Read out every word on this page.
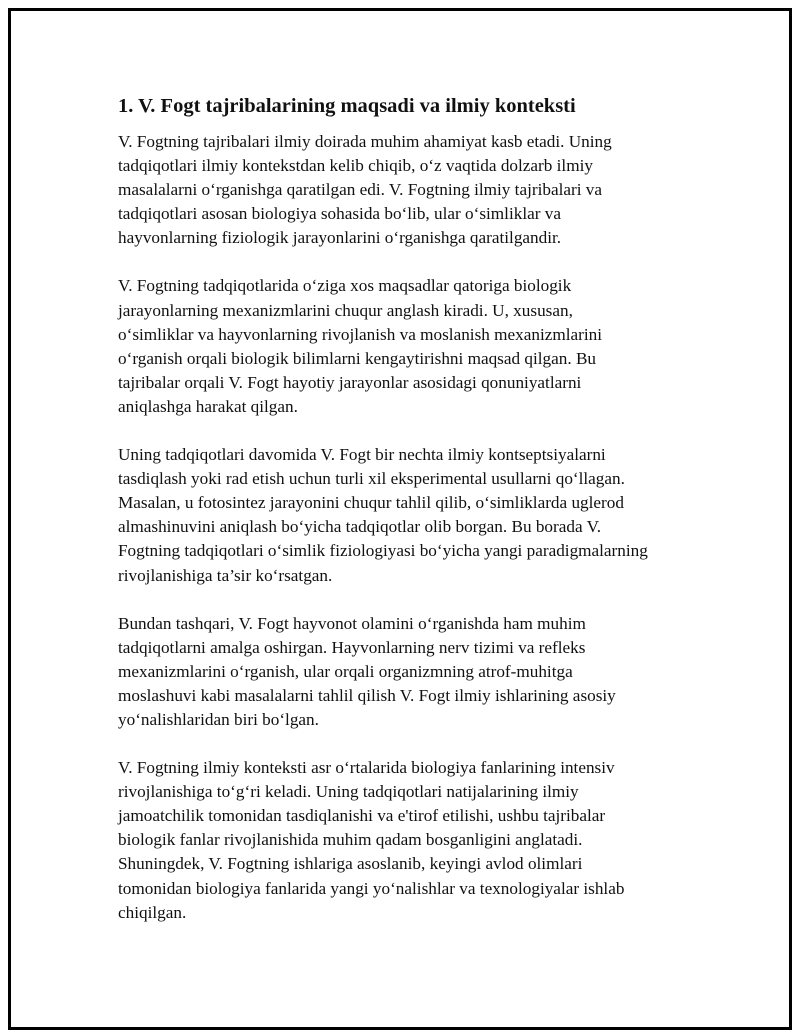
1. V. Fogt tajribalarining maqsadi va ilmiy konteksti

V. Fogtning tajribalari ilmiy doirada muhim ahamiyat kasb etadi. Uning
tadqiqotlari ilmiy kontekstdan kelib chiqib, o‘z vaqtida dolzarb ilmiy
masalalarni o‘rganishga qaratilgan edi. V. Fogtning ilmiy tajribalari va
tadqiqotlari asosan biologiya sohasida bo‘lib, ular o‘simliklar va
hayvonlarning fiziologik jarayonlarini o‘rganishga qaratilgandir.

V. Fogtning tadqiqotlarida o‘ziga xos maqsadlar qatoriga biologik
jarayonlarning mexanizmlarini chuqur anglash kiradi. U, xususan,
o‘simliklar va hayvonlarning rivojlanish va moslanish mexanizmlarini
o‘rganish orqali biologik bilimlarni kengaytirishni maqsad qilgan. Bu
tajribalar orqali V. Fogt hayotiy jarayonlar asosidagi qonuniyatlarni
aniqlashga harakat qilgan.

Uning tadqiqotlari davomida V. Fogt bir nechta ilmiy kontseptsiyalarni
tasdiqlash yoki rad etish uchun turli xil eksperimental usullarni qo‘llagan.
Masalan, u fotosintez jarayonini chuqur tahlil qilib, o‘simliklarda uglerod
almashinuvini aniqlash bo‘yicha tadqiqotlar olib borgan. Bu borada V.
Fogtning tadqiqotlari o‘simlik fiziologiyasi bo‘yicha yangi paradigmalarning
rivojlanishiga ta’sir ko‘rsatgan.

Bundan tashqari, V. Fogt hayvonot olamini o‘rganishda ham muhim
tadqiqotlarni amalga oshirgan. Hayvonlarning nerv tizimi va refleks
mexanizmlarini o‘rganish, ular orqali organizmning atrof-muhitga
moslashuvi kabi masalalarni tahlil qilish V. Fogt ilmiy ishlarining asosiy
yo‘nalishlaridan biri bo‘lgan.

V. Fogtning ilmiy konteksti asr o‘rtalarida biologiya fanlarining intensiv
rivojlanishiga to‘g‘ri keladi. Uning tadqiqotlari natijalarining ilmiy
jamoatchilik tomonidan tasdiqlanishi va e'tirof etilishi, ushbu tajribalar
biologik fanlar rivojlanishida muhim qadam bosganligini anglatadi.
Shuningdek, V. Fogtning ishlariga asoslanib, keyingi avlod olimlari
tomonidan biologiya fanlarida yangi yo‘nalishlar va texnologiyalar ishlab
chiqilgan.
